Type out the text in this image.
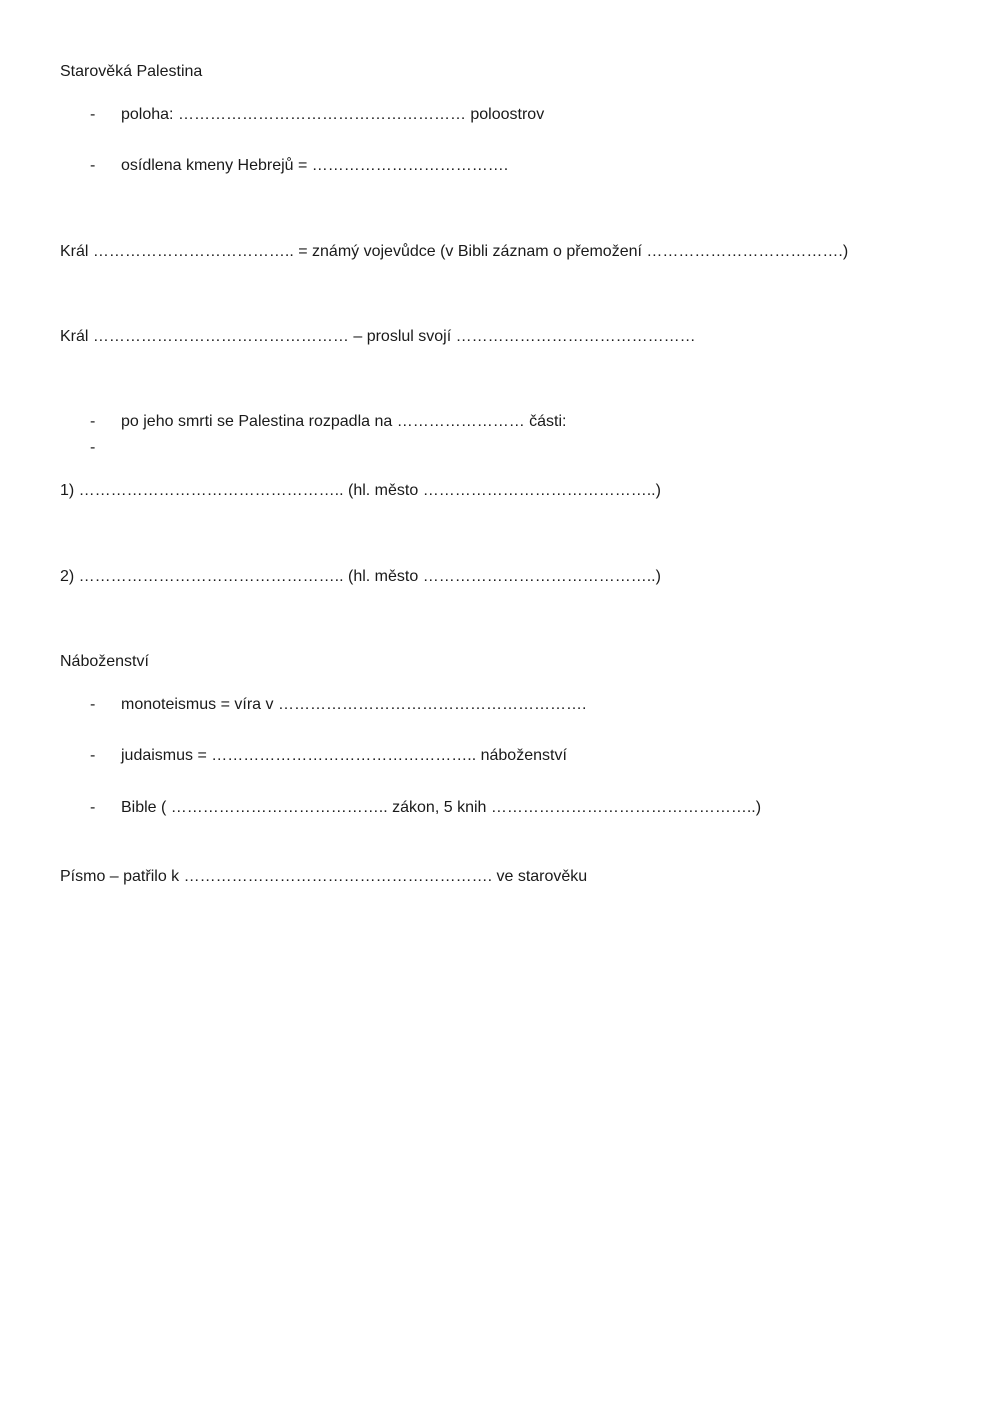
Starověká Palestina
- poloha: ……………………………………………… poloostrov
- osídlena kmeny Hebrejů = ……………………………….
Král ……………………………….. = známý vojevůdce (v Bibli záznam o přemožení ……………………………….)
Král ………………………………………… – proslul svojí ………………………………………
- po jeho smrti se Palestina rozpadla na …………………… části:
-
1) ………………………………………….. (hl. město ……………………………………..)
2) ………………………………………….. (hl. město ……………………………………..)
Náboženství
- monoteismus = víra v ………………………………………………….
- judaismus = ………………………………………….. náboženství
- Bible ( ………………………………….. zákon, 5 knih …………………………………………..)
Písmo – patřilo k …………………………………………………. ve starověku
